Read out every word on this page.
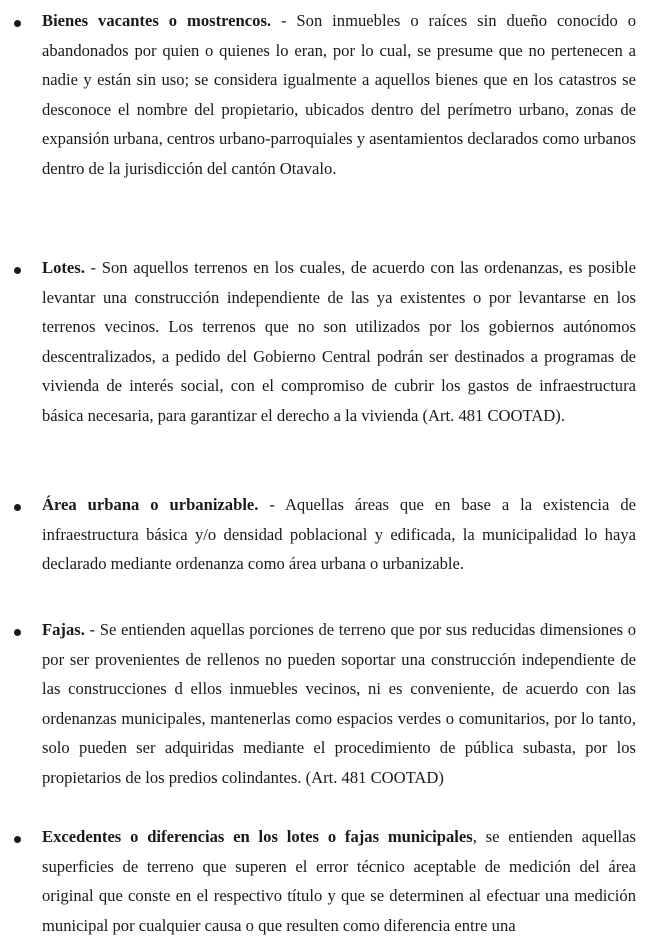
Bienes vacantes o mostrencos. - Son inmuebles o raíces sin dueño conocido o abandonados por quien o quienes lo eran, por lo cual, se presume que no pertenecen a nadie y están sin uso; se considera igualmente a aquellos bienes que en los catastros se desconoce el nombre del propietario, ubicados dentro del perímetro urbano, zonas de expansión urbana, centros urbano-parroquiales y asentamientos declarados como urbanos dentro de la jurisdicción del cantón Otavalo.

Lotes. - Son aquellos terrenos en los cuales, de acuerdo con las ordenanzas, es posible levantar una construcción independiente de las ya existentes o por levantarse en los terrenos vecinos. Los terrenos que no son utilizados por los gobiernos autónomos descentralizados, a pedido del Gobierno Central podrán ser destinados a programas de vivienda de interés social, con el compromiso de cubrir los gastos de infraestructura básica necesaria, para garantizar el derecho a la vivienda (Art. 481 COOTAD).

Área urbana o urbanizable. - Aquellas áreas que en base a la existencia de infraestructura básica y/o densidad poblacional y edificada, la municipalidad lo haya declarado mediante ordenanza como área urbana o urbanizable.

Fajas. - Se entienden aquellas porciones de terreno que por sus reducidas dimensiones o por ser provenientes de rellenos no pueden soportar una construcción independiente de las construcciones d ellos inmuebles vecinos, ni es conveniente, de acuerdo con las ordenanzas municipales, mantenerlas como espacios verdes o comunitarios, por lo tanto, solo pueden ser adquiridas mediante el procedimiento de pública subasta, por los propietarios de los predios colindantes. (Art. 481 COOTAD)

Excedentes o diferencias en los lotes o fajas municipales, se entienden aquellas superficies de terreno que superen el error técnico aceptable de medición del área original que conste en el respectivo título y que se determinen al efectuar una medición municipal por cualquier causa o que resulten como diferencia entre una
